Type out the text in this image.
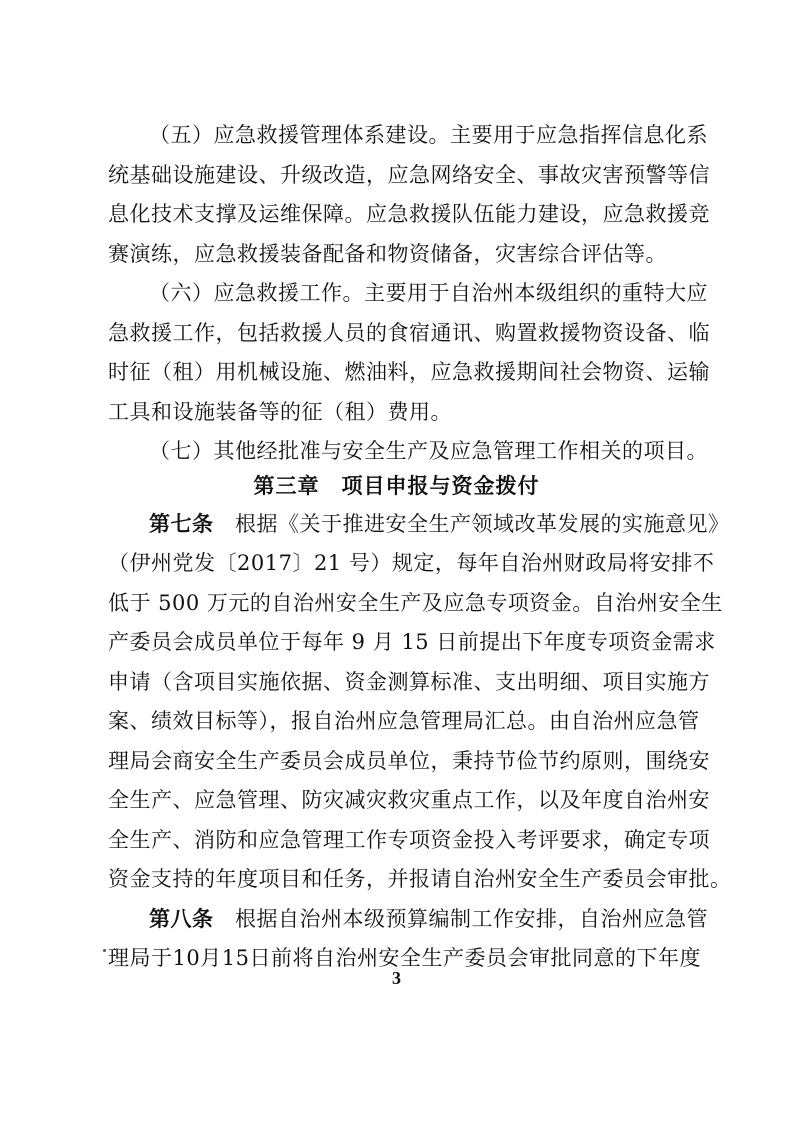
（五）应急救援管理体系建设。主要用于应急指挥信息化系
统基础设施建设、升级改造，应急网络安全、事故灾害预警等信
息化技术支撑及运维保障。应急救援队伍能力建设，应急救援竞
赛演练，应急救援装备配备和物资储备，灾害综合评估等。
（六）应急救援工作。主要用于自治州本级组织的重特大应
急救援工作，包括救援人员的食宿通讯、购置救援物资设备、临
时征（租）用机械设施、燃油料，应急救援期间社会物资、运输
工具和设施装备等的征（租）费用。
（七）其他经批准与安全生产及应急管理工作相关的项目。
第三章　项目申报与资金拨付
第七条　 根据《关于推进安全生产领域改革发展的实施意见》
（伊州党发〔2017〕21 号）规定，每年自治州财政局将安排不
低于 500 万元的自治州安全生产及应急专项资金。自治州安全生
产委员会成员单位于每年 9 月 15 日前提出下年度专项资金需求
申请（含项目实施依据、资金测算标准、支出明细、项目实施方
案、绩效目标等），报自治州应急管理局汇总。由自治州应急管
理局会商安全生产委员会成员单位，秉持节俭节约原则，围绕安
全生产、应急管理、防灾减灾救灾重点工作，以及年度自治州安
全生产、消防和应急管理工作专项资金投入考评要求，确定专项
资金支持的年度项目和任务，并报请自治州安全生产委员会审批。
第八条　 根据自治州本级预算编制工作安排，自治州应急管
理局于10月15日前将自治州安全生产委员会审批同意的下年度
3
